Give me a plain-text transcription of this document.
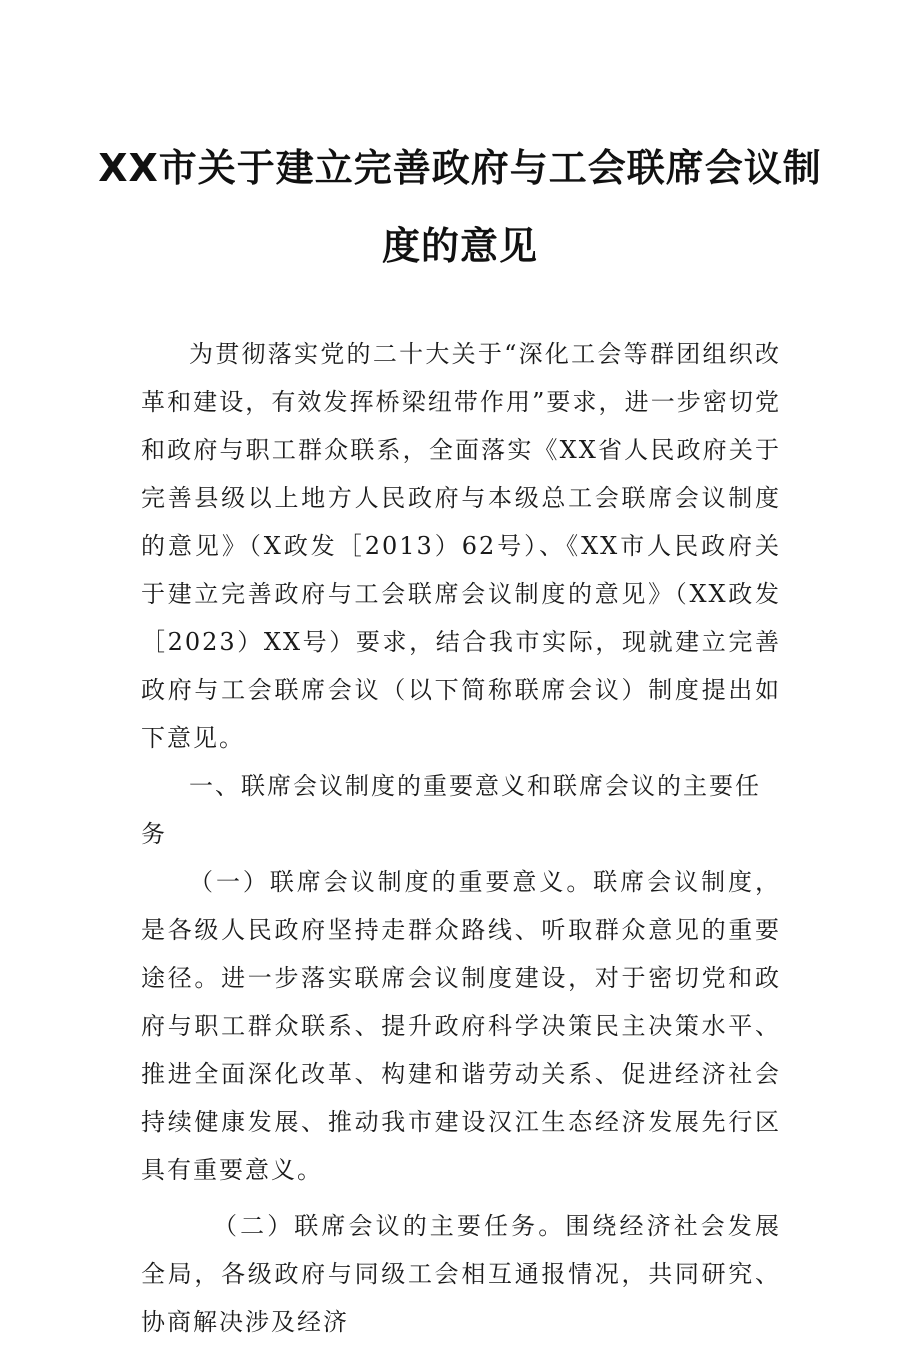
XX市关于建立完善政府与工会联席会议制
度的意见

为贯彻落实党的二十大关于“深化工会等群团组织改革和建设，有效发挥桥梁纽带作用”要求，进一步密切党和政府与职工群众联系，全面落实《XX省人民政府关于完善县级以上地方人民政府与本级总工会联席会议制度的意见》（X政发［2013）62号）、《XX市人民政府关于建立完善政府与工会联席会议制度的意见》（XX政发［2023）XX号）要求，结合我市实际，现就建立完善政府与工会联席会议（以下简称联席会议）制度提出如下意见。

一、联席会议制度的重要意义和联席会议的主要任务

（一）联席会议制度的重要意义。联席会议制度，是各级人民政府坚持走群众路线、听取群众意见的重要途径。进一步落实联席会议制度建设，对于密切党和政府与职工群众联系、提升政府科学决策民主决策水平、推进全面深化改革、构建和谐劳动关系、促进经济社会持续健康发展、推动我市建设汉江生态经济发展先行区具有重要意义。

（二）联席会议的主要任务。围绕经济社会发展全局，各级政府与同级工会相互通报情况，共同研究、协商解决涉及经济
